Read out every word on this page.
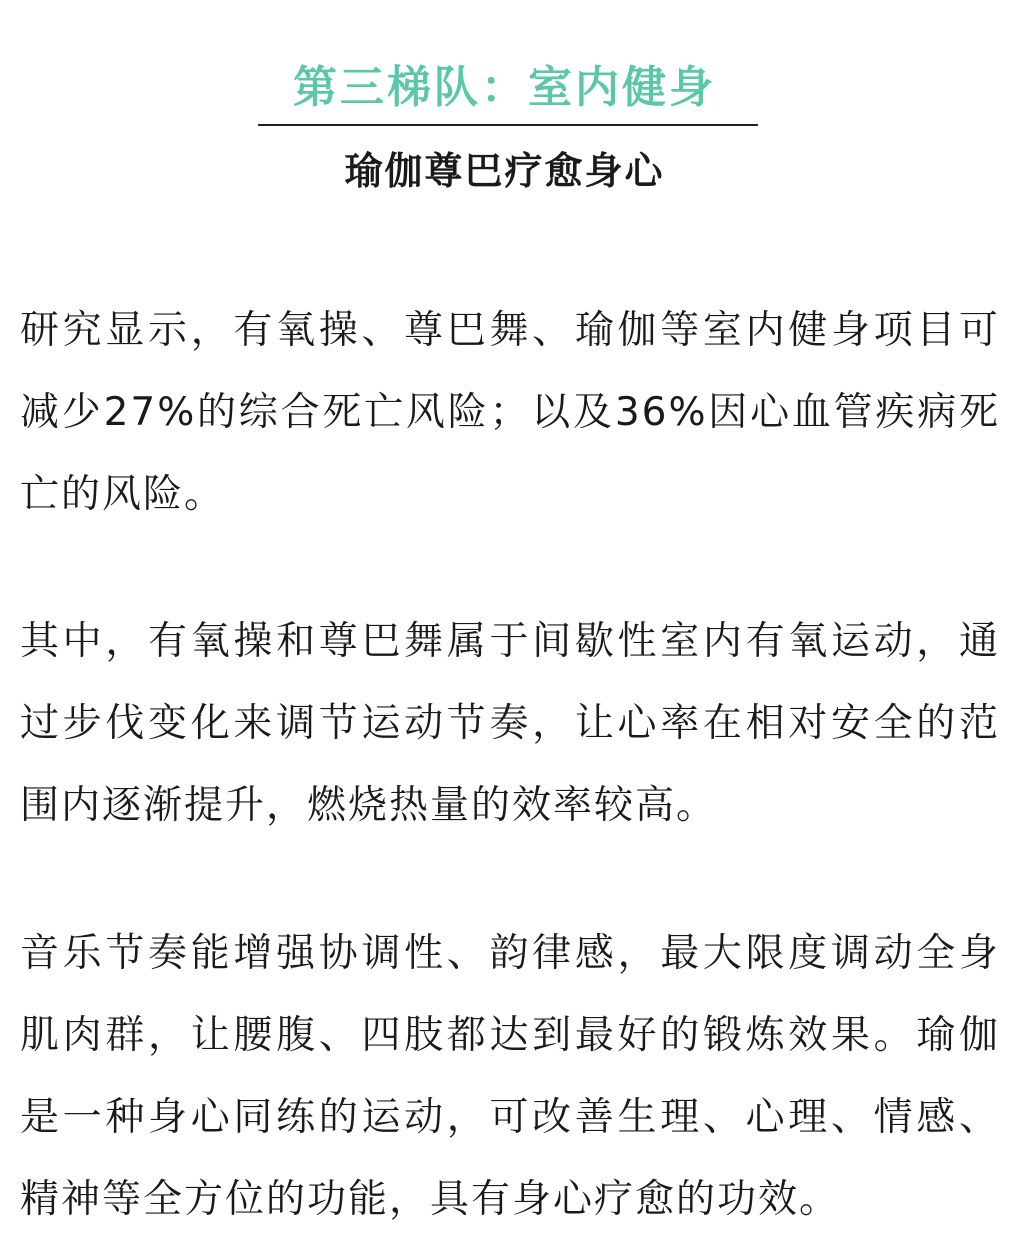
第三梯队：室内健身
瑜伽尊巴疗愈身心
研究显示，有氧操、尊巴舞、瑜伽等室内健身项目可
减少27%的综合死亡风险；以及36%因心血管疾病死
亡的风险。
其中，有氧操和尊巴舞属于间歇性室内有氧运动，通
过步伐变化来调节运动节奏，让心率在相对安全的范
围内逐渐提升，燃烧热量的效率较高。
音乐节奏能增强协调性、韵律感，最大限度调动全身
肌肉群，让腰腹、四肢都达到最好的锻炼效果。瑜伽
是一种身心同练的运动，可改善生理、心理、情感、
精神等全方位的功能，具有身心疗愈的功效。
